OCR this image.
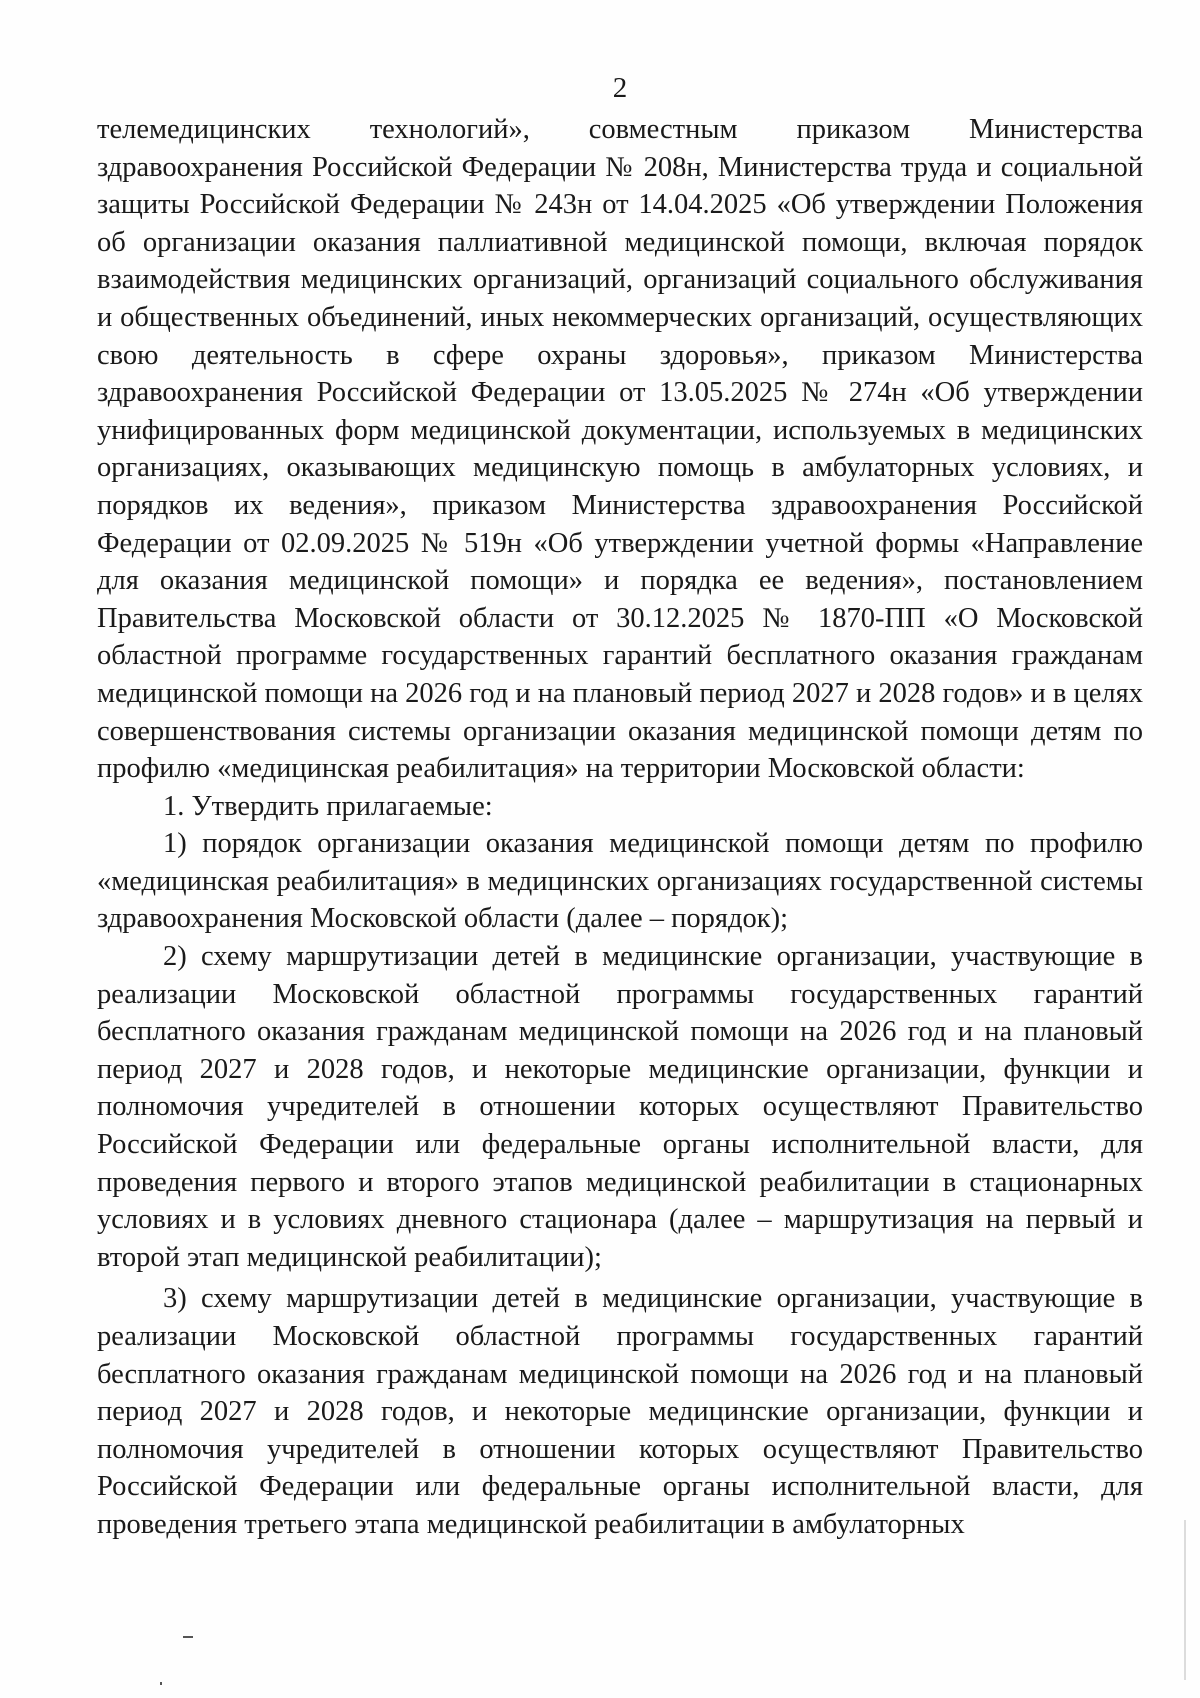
2

телемедицинских технологий», совместным приказом Министерства здравоохранения Российской Федерации № 208н, Министерства труда и социальной защиты Российской Федерации № 243н от 14.04.2025 «Об утверждении Положения об организации оказания паллиативной медицинской помощи, включая порядок взаимодействия медицинских организаций, организаций социального обслуживания и общественных объединений, иных некоммерческих организаций, осуществляющих свою деятельность в сфере охраны здоровья», приказом Министерства здравоохранения Российской Федерации от 13.05.2025 № 274н «Об утверждении унифицированных форм медицинской документации, используемых в медицинских организациях, оказывающих медицинскую помощь в амбулаторных условиях, и порядков их ведения», приказом Министерства здравоохранения Российской Федерации от 02.09.2025 № 519н «Об утверждении учетной формы «Направление для оказания медицинской помощи» и порядка ее ведения», постановлением Правительства Московской области от 30.12.2025 № 1870-ПП «О Московской областной программе государственных гарантий бесплатного оказания гражданам медицинской помощи на 2026 год и на плановый период 2027 и 2028 годов» и в целях совершенствования системы организации оказания медицинской помощи детям по профилю «медицинская реабилитация» на территории Московской области:

1. Утвердить прилагаемые:

1) порядок организации оказания медицинской помощи детям по профилю «медицинская реабилитация» в медицинских организациях государственной системы здравоохранения Московской области (далее – порядок);

2) схему маршрутизации детей в медицинские организации, участвующие в реализации Московской областной программы государственных гарантий бесплатного оказания гражданам медицинской помощи на 2026 год и на плановый период 2027 и 2028 годов, и некоторые медицинские организации, функции и полномочия учредителей в отношении которых осуществляют Правительство Российской Федерации или федеральные органы исполнительной власти, для проведения первого и второго этапов медицинской реабилитации в стационарных условиях и в условиях дневного стационара (далее – маршрутизация на первый и второй этап медицинской реабилитации);

3) схему маршрутизации детей в медицинские организации, участвующие в реализации Московской областной программы государственных гарантий бесплатного оказания гражданам медицинской помощи на 2026 год и на плановый период 2027 и 2028 годов, и некоторые медицинские организации, функции и полномочия учредителей в отношении которых осуществляют Правительство Российской Федерации или федеральные органы исполнительной власти, для проведения третьего этапа медицинской реабилитации в амбулаторных
